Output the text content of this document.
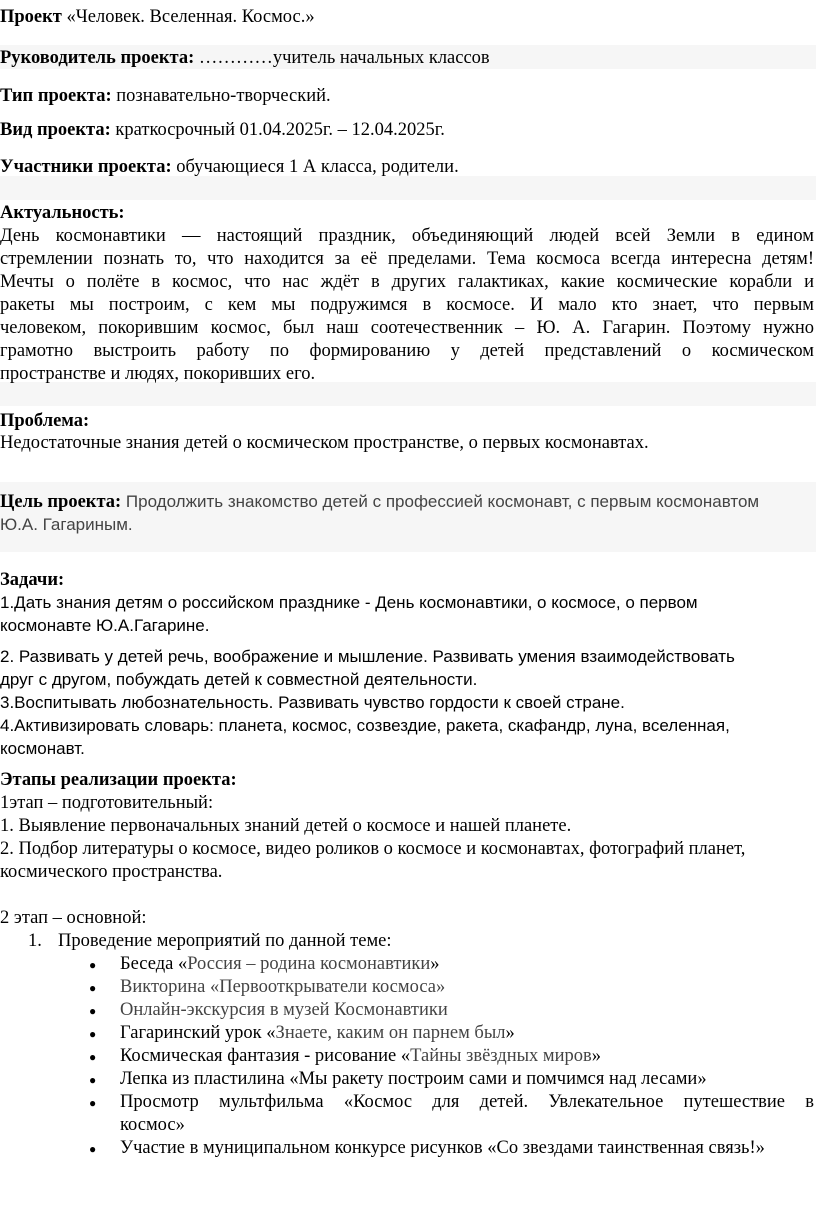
Проект «Человек. Вселенная. Космос.»
Руководитель проекта: …………учитель начальных классов
Тип проекта: познавательно-творческий.
Вид проекта: краткосрочный 01.04.2025г. – 12.04.2025г.
Участники проекта: обучающиеся 1 А класса, родители.
Актуальность:
День космонавтики — настоящий праздник, объединяющий людей всей Земли в едином
стремлении познать то, что находится за её пределами. Тема космоса всегда интересна детям!
Мечты о полёте в космос, что нас ждёт в других галактиках, какие космические корабли и
ракеты мы построим, с кем мы подружимся в космосе. И мало кто знает, что первым
человеком, покорившим космос, был наш соотечественник – Ю. А. Гагарин. Поэтому нужно
грамотно выстроить работу по формированию у детей представлений о космическом
пространстве и людях, покоривших его.
Проблема:
Недостаточные знания детей о космическом пространстве, о первых космонавтах.
Цель проекта: Продолжить знакомство детей с профессией космонавт, с первым космонавтом
Ю.А. Гагариным.
Задачи:
1.Дать знания детям о российском празднике - День космонавтики, о космосе, о первом
космонавте Ю.А.Гагарине.
2. Развивать у детей речь, воображение и мышление. Развивать умения взаимодействовать
друг с другом, побуждать детей к совместной деятельности.
3.Воспитывать любознательность. Развивать чувство гордости к своей стране.
4.Активизировать словарь: планета, космос, созвездие, ракета, скафандр, луна, вселенная,
космонавт.
Этапы реализации проекта:
1этап – подготовительный:
1. Выявление первоначальных знаний детей о космосе и нашей планете.
2. Подбор литературы о космосе, видео роликов о космосе и космонавтах, фотографий планет,
космического пространства.
2 этап – основной:
1. Проведение мероприятий по данной теме:
● Беседа «Россия – родина космонавтики»
● Викторина «Первооткрыватели космоса»
● Онлайн-экскурсия в музей Космонавтики
● Гагаринский урок «Знаете, каким он парнем был»
● Космическая фантазия - рисование «Тайны звёздных миров»
● Лепка из пластилина «Мы ракету построим сами и помчимся над лесами»
● Просмотр мультфильма «Космос для детей. Увлекательное путешествие в
космос»
● Участие в муниципальном конкурсе рисунков «Со звездами таинственная связь!»
